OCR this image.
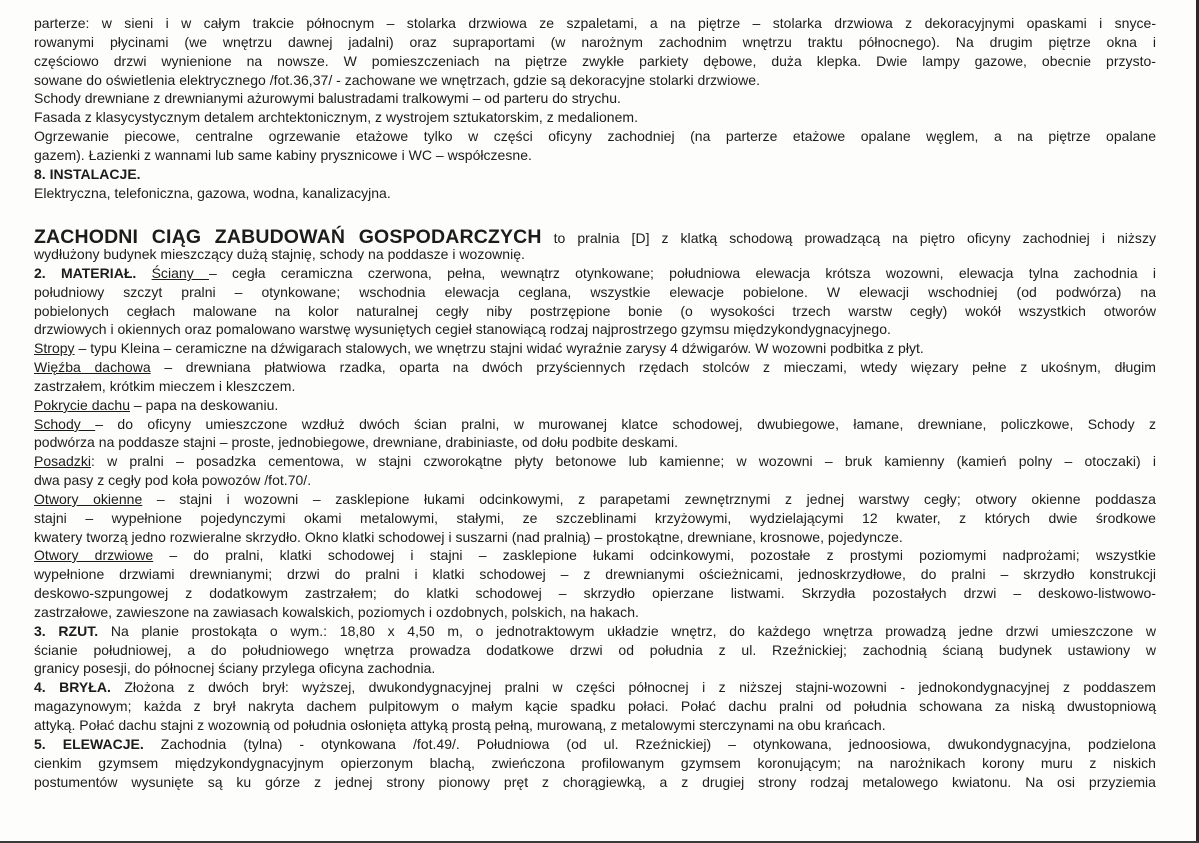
parterze: w sieni i w całym trakcie północnym – stolarka drzwiowa ze szpaletami, a na piętrze – stolarka drzwiowa z dekoracyjnymi opaskami i snyce-

rowanymi płycinami (we wnętrzu dawnej jadalni) oraz supraportami (w narożnym zachodnim wnętrzu traktu północnego). Na drugim piętrze okna i

częściowo drzwi wynienione na nowsze. W pomieszczeniach na piętrze zwykłe parkiety dębowe, duża klepka. Dwie lampy gazowe, obecnie przysto-

sowane do oświetlenia elektrycznego /fot.36,37/ - zachowane we wnętrzach, gdzie są dekoracyjne stolarki drzwiowe.

Schody drewniane z drewnianymi ażurowymi balustradami tralkowymi – od parteru do strychu.

Fasada z klasycystycznym detalem archtektonicznym, z wystrojem sztukatorskim, z medalionem.

Ogrzewanie piecowe, centralne ogrzewanie etażowe tylko w części oficyny zachodniej (na parterze etażowe opalane węglem, a na piętrze opalane

gazem). Łazienki z wannami lub same kabiny prysznicowe i WC – współczesne.

8. INSTALACJE.

Elektryczna, telefoniczna, gazowa, wodna, kanalizacyjna.

ZACHODNI CIĄG ZABUDOWAŃ GOSPODARCZYCH to pralnia [D] z klatką schodową prowadzącą na piętro oficyny zachodniej i niższy

wydłużony budynek mieszczący dużą stajnię, schody na poddasze i wozownię.

2. MATERIAŁ. Ściany – cegła ceramiczna czerwona, pełna, wewnątrz otynkowane; południowa elewacja krótsza wozowni, elewacja tylna zachodnia i

południowy szczyt pralni – otynkowane; wschodnia elewacja ceglana, wszystkie elewacje pobielone. W elewacji wschodniej (od podwórza) na

pobielonych cegłach malowane na kolor naturalnej cegły niby postrzępione bonie (o wysokości trzech warstw cegły) wokół wszystkich otworów

drzwiowych i okiennych oraz pomalowano warstwę wysuniętych cegieł stanowiącą rodzaj najprostrzego gzymsu międzykondygnacyjnego.

Stropy – typu Kleina – ceramiczne na dźwigarach stalowych, we wnętrzu stajni widać wyraźnie zarysy 4 dźwigarów. W wozowni podbitka z płyt.

Więźba dachowa – drewniana płatwiowa rzadka, oparta na dwóch przyściennych rzędach stolców z mieczami, wtedy więzary pełne z ukośnym, długim

zastrzałem, krótkim mieczem i kleszczem.

Pokrycie dachu – papa na deskowaniu.

Schody – do oficyny umieszczone wzdłuż dwóch ścian pralni, w murowanej klatce schodowej, dwubiegowe, łamane, drewniane, policzkowe, Schody z

podwórza na poddasze stajni – proste, jednobiegowe, drewniane, drabiniaste, od dołu podbite deskami.

Posadzki: w pralni – posadzka cementowa, w stajni czworokątne płyty betonowe lub kamienne; w wozowni – bruk kamienny (kamień polny – otoczaki) i

dwa pasy z cegły pod koła powozów /fot.70/.

Otwory okienne – stajni i wozowni – zasklepione łukami odcinkowymi, z parapetami zewnętrznymi z jednej warstwy cegły; otwory okienne poddasza

stajni – wypełnione pojedynczymi okami metalowymi, stałymi, ze szczeblinami krzyżowymi, wydzielającymi 12 kwater, z których dwie środkowe

kwatery tworzą jedno rozwieralne skrzydło. Okno klatki schodowej i suszarni (nad pralnią) – prostokątne, drewniane, krosnowe, pojedyncze.

Otwory drzwiowe – do pralni, klatki schodowej i stajni – zasklepione łukami odcinkowymi, pozostałe z prostymi poziomymi nadprożami; wszystkie

wypełnione drzwiami drewnianymi; drzwi do pralni i klatki schodowej – z drewnianymi ościeżnicami, jednoskrzydłowe, do pralni – skrzydło konstrukcji

deskowo-szpungowej z dodatkowym zastrzałem; do klatki schodowej – skrzydło opierzane listwami. Skrzydła pozostałych drzwi – deskowo-listwowo-

zastrzałowe, zawieszone na zawiasach kowalskich, poziomych i ozdobnych, polskich, na hakach.

3. RZUT. Na planie prostokąta o wym.: 18,80 x 4,50 m, o jednotraktowym układzie wnętrz, do każdego wnętrza prowadzą jedne drzwi umieszczone w

ścianie południowej, a do południowego wnętrza prowadza dodatkowe drzwi od południa z ul. Rzeźnickiej; zachodnią ścianą budynek ustawiony w

granicy posesji, do północnej ściany przylega oficyna zachodnia.

4. BRYŁA. Złożona z dwóch brył: wyższej, dwukondygnacyjnej pralni w części północnej i z niższej stajni-wozowni - jednokondygnacyjnej z poddaszem

magazynowym; każda z brył nakryta dachem pulpitowym o małym kącie spadku połaci. Połać dachu pralni od południa schowana za niską dwustopniową

attyką. Połać dachu stajni z wozownią od południa osłonięta attyką prostą pełną, murowaną, z metalowymi sterczynami na obu krańcach.

5. ELEWACJE. Zachodnia (tylna) - otynkowana /fot.49/. Południowa (od ul. Rzeźnickiej) – otynkowana, jednoosiowa, dwukondygnacyjna, podzielona

cienkim gzymsem międzykondygnacyjnym opierzonym blachą, zwieńczona profilowanym gzymsem koronującym; na narożnikach korony muru z niskich

postumentów wysunięte są ku górze z jednej strony pionowy pręt z chorągiewką, a z drugiej strony rodzaj metalowego kwiatonu. Na osi przyziemia
